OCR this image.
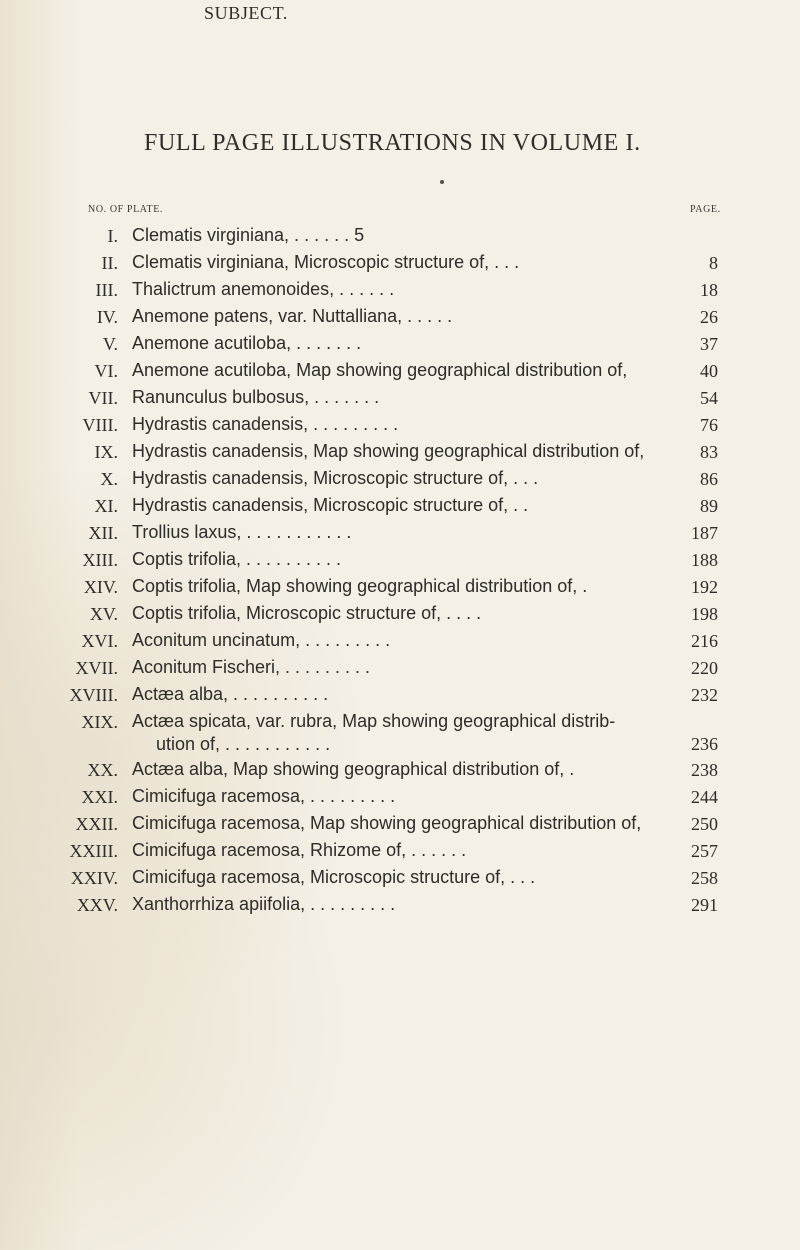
FULL PAGE ILLUSTRATIONS IN VOLUME I.
NO. OF PLATE.
SUBJECT.
PAGE.
I. Clematis virginiana, . . . . . . 5
II. Clematis virginiana, Microscopic structure of, . . .	8
III. Thalictrum anemonoides, . . . . . .	18
IV. Anemone patens, var. Nuttalliana, . . . . .	26
V. Anemone acutiloba, . . . . . . .	37
VI. Anemone acutiloba, Map showing geographical distribution of,	40
VII. Ranunculus bulbosus, . . . . . . .	54
VIII. Hydrastis canadensis, . . . . . . . . .	76
IX. Hydrastis canadensis, Map showing geographical distribution of,	83
X. Hydrastis canadensis, Microscopic structure of, . . .	86
XI. Hydrastis canadensis, Microscopic structure of, . .	89
XII. Trollius laxus, . . . . . . . . . . .	187
XIII. Coptis trifolia, . . . . . . . . . .	188
XIV. Coptis trifolia, Map showing geographical distribution of, .	192
XV. Coptis trifolia, Microscopic structure of, . . . .	198
XVI. Aconitum uncinatum, . . . . . . . . .	216
XVII. Aconitum Fischeri, . . . . . . . . .	220
XVIII. Actæa alba, . . . . . . . . . .	232
XIX. Actæa spicata, var. rubra, Map showing geographical distrib-
ution of, . . . . . . . . . . .	236
XX. Actæa alba, Map showing geographical distribution of, .	238
XXI. Cimicifuga racemosa, . . . . . . . . .	244
XXII. Cimicifuga racemosa, Map showing geographical distribution of,	250
XXIII. Cimicifuga racemosa, Rhizome of, . . . . . .	257
XXIV. Cimicifuga racemosa, Microscopic structure of, . . .	258
XXV. Xanthorrhiza apiifolia, . . . . . . . . .	291
